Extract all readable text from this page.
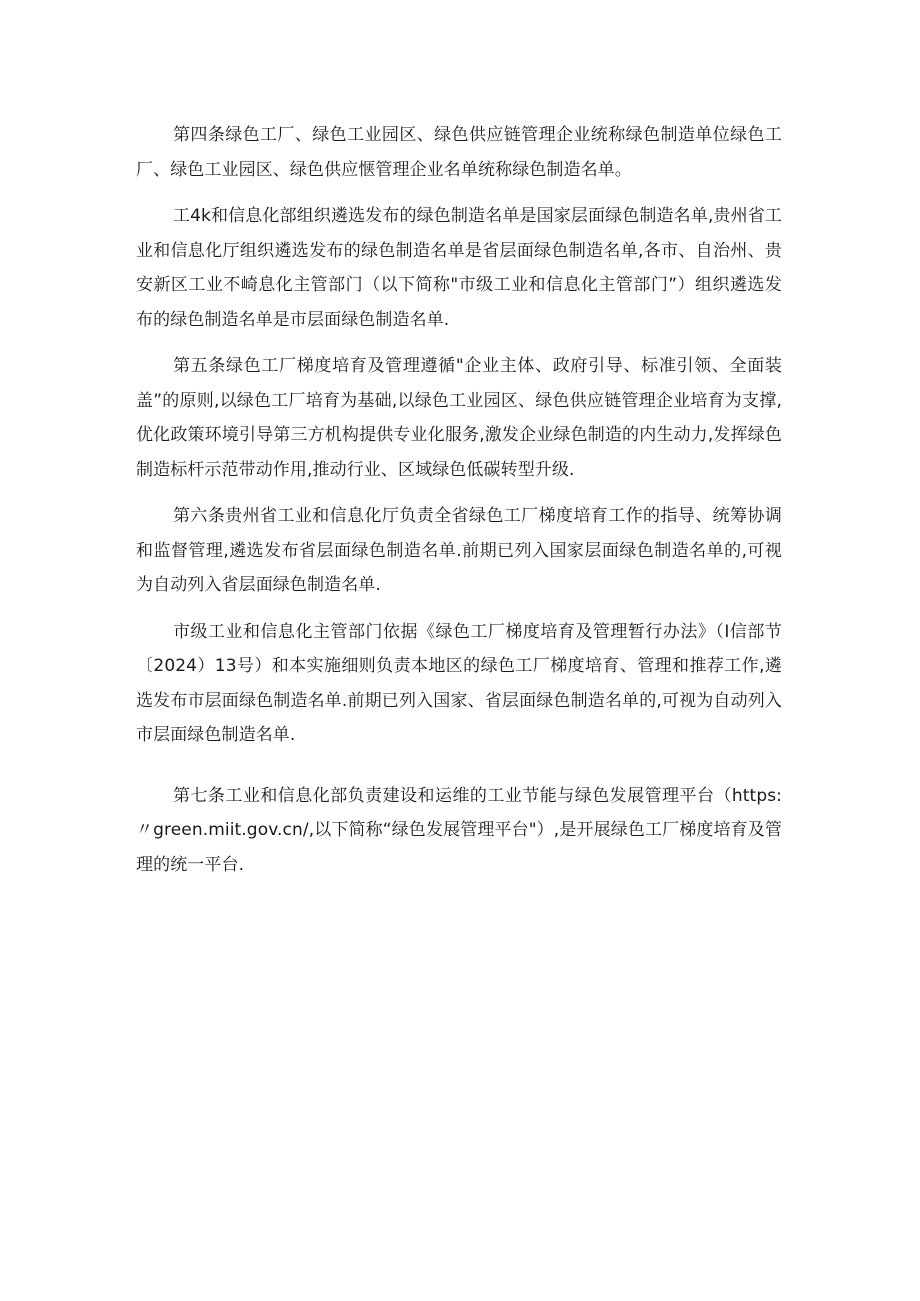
第四条绿色工厂、绿色工业园区、绿色供应链管理企业统称绿色制造单位绿色工厂、绿色工业园区、绿色供应惬管理企业名单统称绿色制造名单。

工4k和信息化部组织遴选发布的绿色制造名单是国家层面绿色制造名单,贵州省工业和信息化厅组织遴选发布的绿色制造名单是省层面绿色制造名单,各市、自治州、贵安新区工业不崎息化主管部门（以下简称"市级工业和信息化主管部门”）组织遴选发布的绿色制造名单是市层面绿色制造名单.

第五条绿色工厂梯度培育及管理遵循"企业主体、政府引导、标准引领、全面装盖”的原则,以绿色工厂培育为基础,以绿色工业园区、绿色供应链管理企业培育为支撑,优化政策环境引导第三方机构提供专业化服务,激发企业绿色制造的内生动力,发挥绿色制造标杆示范带动作用,推动行业、区域绿色低碳转型升级.

第六条贵州省工业和信息化厅负责全省绿色工厂梯度培育工作的指导、统筹协调和监督管理,遴选发布省层面绿色制造名单.前期已列入国家层面绿色制造名单的,可视为自动列入省层面绿色制造名单.

市级工业和信息化主管部门依据《绿色工厂梯度培育及管理暂行办法》（I信部节〔2024）13号）和本实施细则负责本地区的绿色工厂梯度培育、管理和推荐工作,遴选发布市层面绿色制造名单.前期已列入国家、省层面绿色制造名单的,可视为自动列入市层面绿色制造名单.

第七条工业和信息化部负责建设和运维的工业节能与绿色发展管理平台（https:〃green.miit.gov.cn/,以下简称“绿色发展管理平台"）,是开展绿色工厂梯度培育及管理的统一平台.
